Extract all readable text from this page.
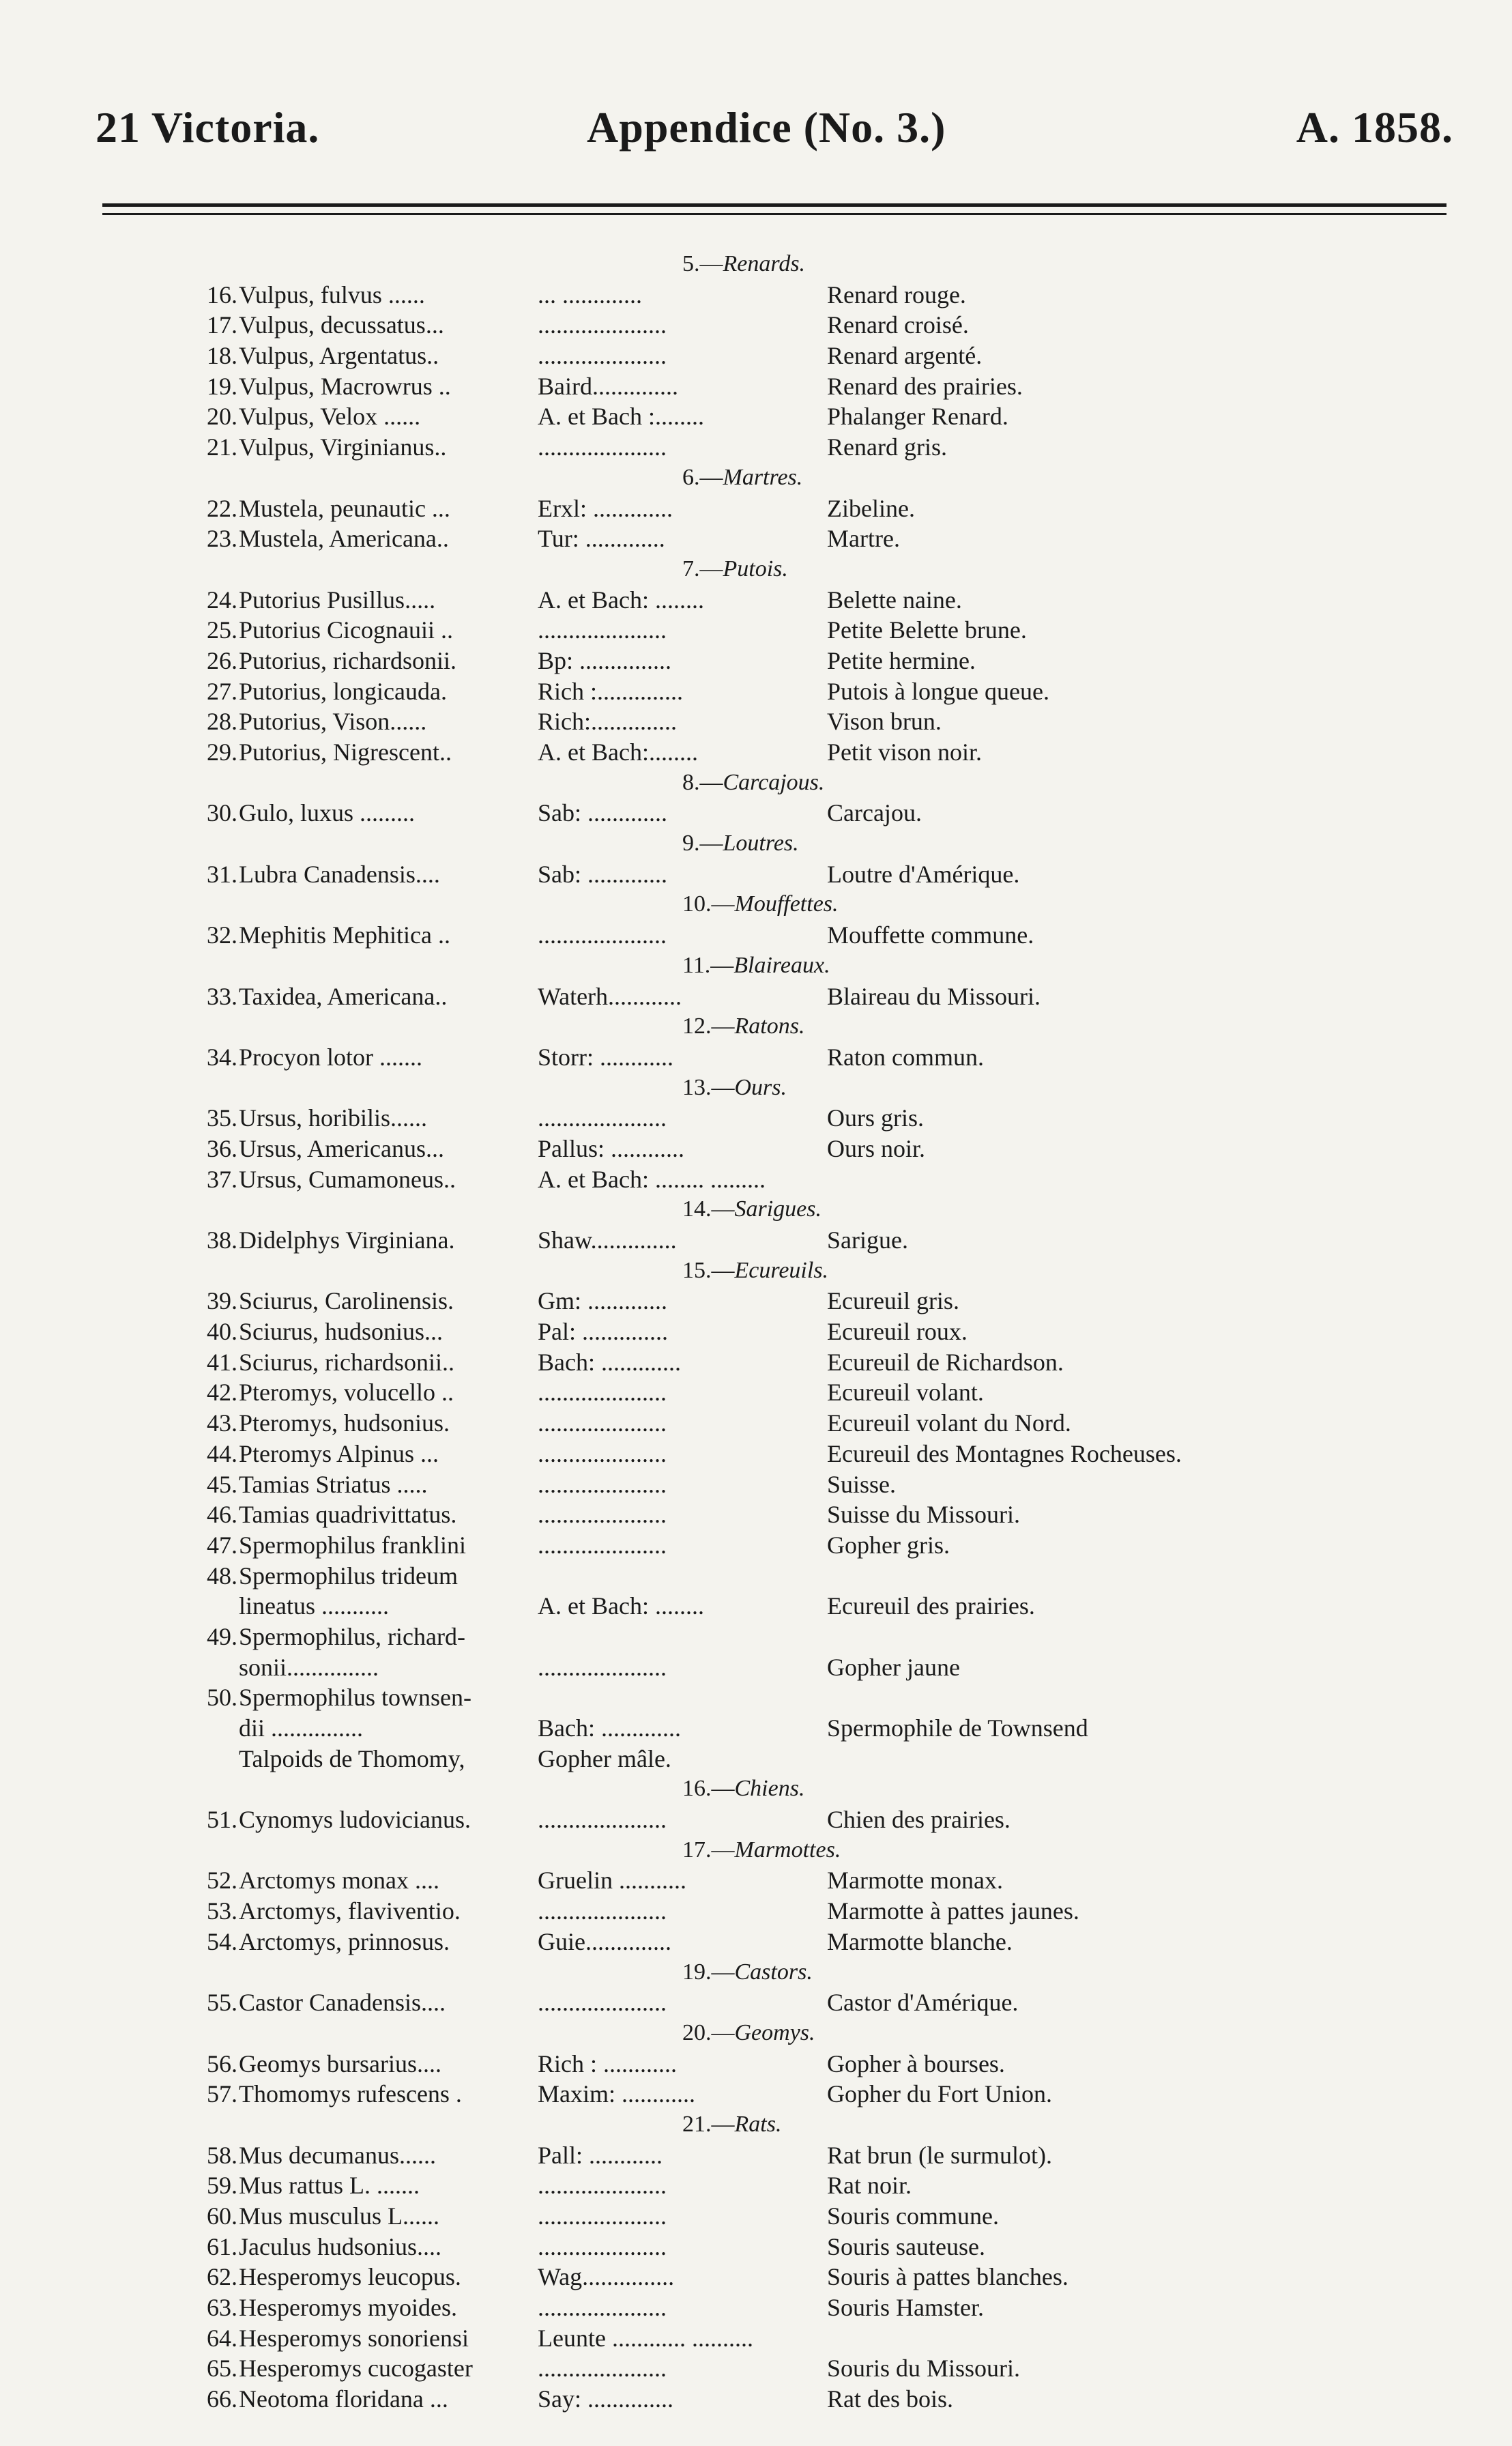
21 Victoria.	Appendice (No. 3.)	A. 1858.
5.—Renards.
16. Vulpus, fulvus ......	... .............	Renard rouge.
17. Vulpus, decussatus...	.....................	Renard croisé.
18. Vulpus, Argentatus..	.....................	Renard argenté.
19. Vulpus, Macrowrus ..	Baird..............	Renard des prairies.
20. Vulpus, Velox ......	A. et Bach :........	Phalanger Renard.
21. Vulpus, Virginianus..	.....................	Renard gris.
6.—Martres.
22. Mustela, peunautic ...	Erxl: .............	Zibeline.
23. Mustela, Americana..	Tur: .............	Martre.
7.—Putois.
24. Putorius Pusillus.....	A. et Bach: ........	Belette naine.
25. Putorius Cicognauii ..	.....................	Petite Belette brune.
26. Putorius, richardsonii.	Bp: ...............	Petite hermine.
27. Putorius, longicauda.	Rich :..............	Putois à longue queue.
28. Putorius, Vison......	Rich:..............	Vison brun.
29. Putorius, Nigrescent..	A. et Bach:........	Petit vison noir.
8.—Carcajous.
30. Gulo, luxus .........	Sab: .............	Carcajou.
9.—Loutres.
31. Lubra Canadensis....	Sab: .............	Loutre d'Amérique.
10.—Mouffettes.
32. Mephitis Mephitica ..	.....................	Mouffette commune.
11.—Blaireaux.
33. Taxidea, Americana..	Waterh............	Blaireau du Missouri.
12.—Ratons.
34. Procyon lotor .......	Storr: ............	Raton commun.
13.—Ours.
35. Ursus, horibilis......	.....................	Ours gris.
36. Ursus, Americanus...	Pallus: ............	Ours noir.
37. Ursus, Cumamoneus..	A. et Bach: ........ .........
14.—Sarigues.
38. Didelphys Virginiana.	Shaw..............	Sarigue.
15.—Ecureuils.
39. Sciurus, Carolinensis.	Gm: .............	Ecureuil gris.
40. Sciurus, hudsonius...	Pal: ..............	Ecureuil roux.
41. Sciurus, richardsonii..	Bach: .............	Ecureuil de Richardson.
42. Pteromys, volucello ..	.....................	Ecureuil volant.
43. Pteromys, hudsonius.	.....................	Ecureuil volant du Nord.
44. Pteromys Alpinus ...	.....................	Ecureuil des Montagnes Rocheuses.
45. Tamias Striatus .....	.....................	Suisse.
46. Tamias quadrivittatus.	.....................	Suisse du Missouri.
47. Spermophilus franklini	.....................	Gopher gris.
48. Spermophilus trideum
lineatus ...........	A. et Bach: ........	Ecureuil des prairies.
49. Spermophilus, richard-
sonii...............	.....................	Gopher jaune
50. Spermophilus townsen-
dii ...............	Bach: .............	Spermophile de Townsend
Talpoids de Thomomy,	Gopher mâle.
16.—Chiens.
51. Cynomys ludovicianus.	.....................	Chien des prairies.
17.—Marmottes.
52. Arctomys monax ....	Gruelin ...........	Marmotte monax.
53. Arctomys, flaviventio.	.....................	Marmotte à pattes jaunes.
54. Arctomys, prinnosus.	Guie..............	Marmotte blanche.
19.—Castors.
55. Castor Canadensis....	.....................	Castor d'Amérique.
20.—Geomys.
56. Geomys bursarius....	Rich : ............	Gopher à bourses.
57. Thomomys rufescens .	Maxim: ............	Gopher du Fort Union.
21.—Rats.
58. Mus decumanus......	Pall: ............	Rat brun (le surmulot).
59. Mus rattus L. .......	.....................	Rat noir.
60. Mus musculus L......	.....................	Souris commune.
61. Jaculus hudsonius....	.....................	Souris sauteuse.
62. Hesperomys leucopus.	Wag...............	Souris à pattes blanches.
63. Hesperomys myoides.	.....................	Souris Hamster.
64. Hesperomys sonoriensi	Leunte ............ ..........
65. Hesperomys cucogaster	.....................	Souris du Missouri.
66. Neotoma floridana ...	Say: ..............	Rat des bois.
